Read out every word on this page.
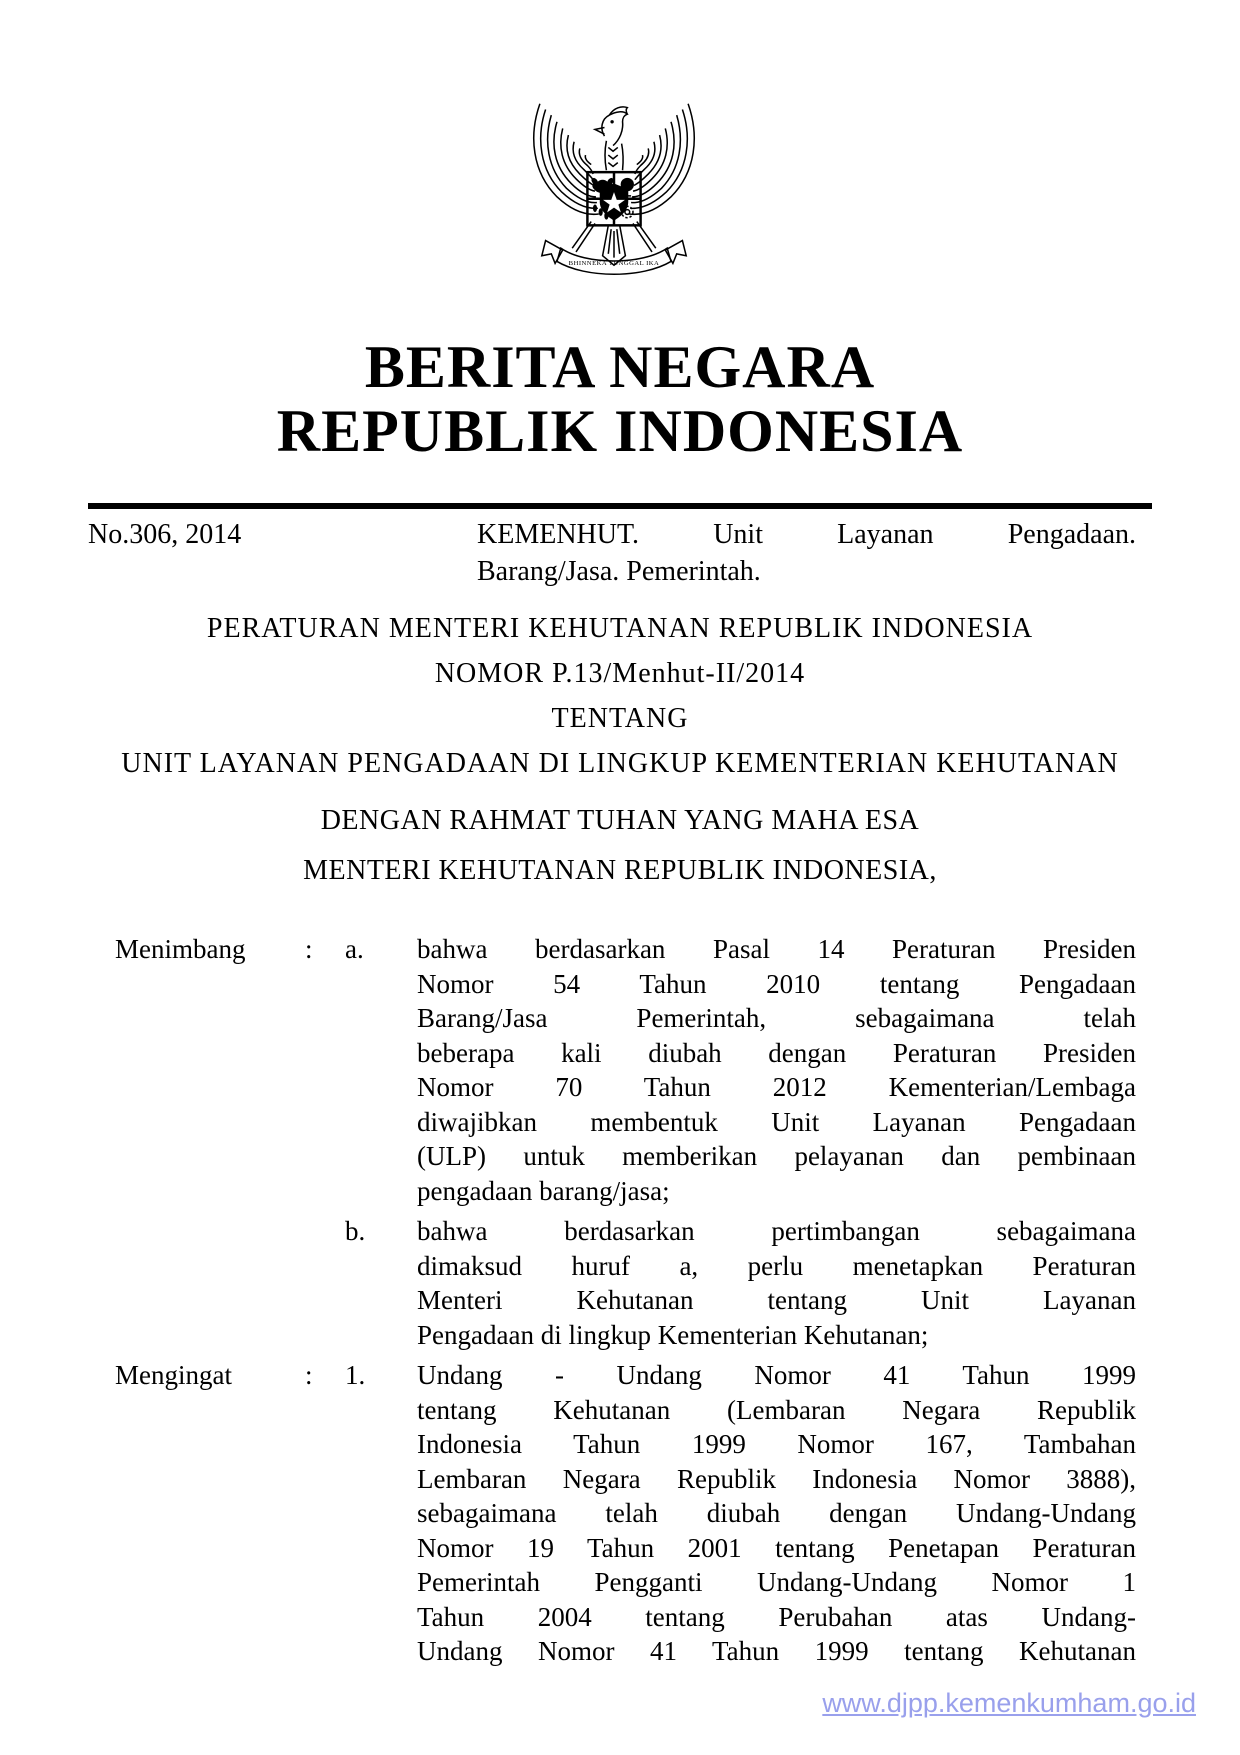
BHINNEKA TUNGGAL IKA
BERITA NEGARA
REPUBLIK INDONESIA
No.306, 2014	KEMENHUT. Unit Layanan Pengadaan.
Barang/Jasa. Pemerintah.
PERATURAN MENTERI KEHUTANAN REPUBLIK INDONESIA
NOMOR P.13/Menhut-II/2014
TENTANG
UNIT LAYANAN PENGADAAN DI LINGKUP KEMENTERIAN KEHUTANAN
DENGAN RAHMAT TUHAN YANG MAHA ESA
MENTERI KEHUTANAN REPUBLIK INDONESIA,
Menimbang	:	a.	bahwa berdasarkan Pasal 14 Peraturan Presiden
Nomor 54 Tahun 2010 tentang Pengadaan
Barang/Jasa Pemerintah, sebagaimana telah
beberapa kali diubah dengan Peraturan Presiden
Nomor 70 Tahun 2012 Kementerian/Lembaga
diwajibkan membentuk Unit Layanan Pengadaan
(ULP) untuk memberikan pelayanan dan pembinaan
pengadaan barang/jasa;
b.	bahwa berdasarkan pertimbangan sebagaimana
dimaksud huruf a, perlu menetapkan Peraturan
Menteri Kehutanan tentang Unit Layanan
Pengadaan di lingkup Kementerian Kehutanan;
Mengingat	:	1.	Undang - Undang Nomor 41 Tahun 1999
tentang Kehutanan (Lembaran Negara Republik
Indonesia Tahun 1999 Nomor 167, Tambahan
Lembaran Negara Republik Indonesia Nomor 3888),
sebagaimana telah diubah dengan Undang-Undang
Nomor 19 Tahun 2001 tentang Penetapan Peraturan
Pemerintah Pengganti Undang-Undang Nomor 1
Tahun 2004 tentang Perubahan atas Undang-
Undang Nomor 41 Tahun 1999 tentang Kehutanan
www.djpp.kemenkumham.go.id
